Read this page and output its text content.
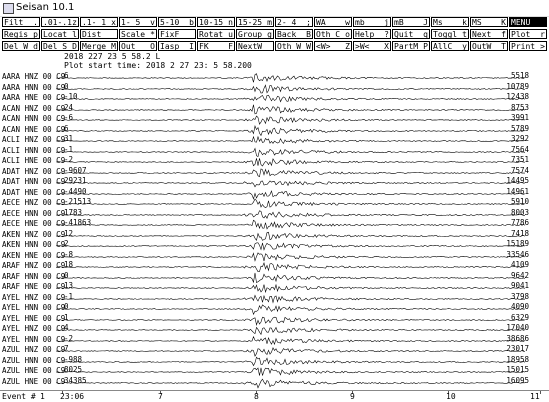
Seisan 10.1
Filt . .01-.1 z .1- 1 x 1- 5 v 5-10 b 10-15 n 15-25 m 2- 4 ; WA w mb j mB J Ms k MS K MENU
Regis p Locat l Dist _ Scale * FixF Rotat u Group g Back B Oth C o Help ? Quit q Toggl t Next f Plot r
Del W d Del S D Merge M Out O Iasp I FK F NextW Oth W W <W> Z >W< X PartM P AllC y OutW T Print >
2018 227 23 5 58.2 L
Plot start time: 2018 2 27 23: 5 58.200
AARA HNZ 00 C9
6	5518
AARA HNN 00 C9
0	10789
AARA HNE 00 C9
-10	12438
ACAN HNZ 00 C9
24	8753
ACAN HNN 00 C9
-6	3991
ACAN HNE 00 C9
6	5789
ACLI HNZ 00 C9
31	3292
ACLI HNN 00 C9
-1	7564
ACLI HNE 00 C9
-2	7351
ADAT HNZ 00 C9
-9607	7574
ADAT HNN 00 C9
29231	14495
ADAT HNE 00 C9
-4490	14961
AECE HNZ 00 C9
-21513	5910
AECE HNN 00 C9
1783	8003
AECE HNE 00 C9
-41863	7786
AKEN HNZ 00 C9
12	7418
AKEN HNN 00 C9
2	15189
AKEN HNE 00 C9
-8	33546
ARAF HNZ 00 C9
18	4109
ARAF HNN 00 C9
0	9642
ARAF HNE 00 C9
13	9041
AYEL HNZ 00 C9
-1	3798
AYEL HNN 00 C9
0	4090
AYEL HNE 00 C9
1	6329
AYEL HNZ 00 C9
4	17040
AYEL HNN 00 C9
-2	38686
AZUL HNZ 00 C9
7	23017
AZUL HNN 00 C9
-988	18958
AZUL HNE 00 C9
8025	15015
AZUL HNE 00 C9
34385	16095
Event # 1 23:06	7	8	9	10	11
